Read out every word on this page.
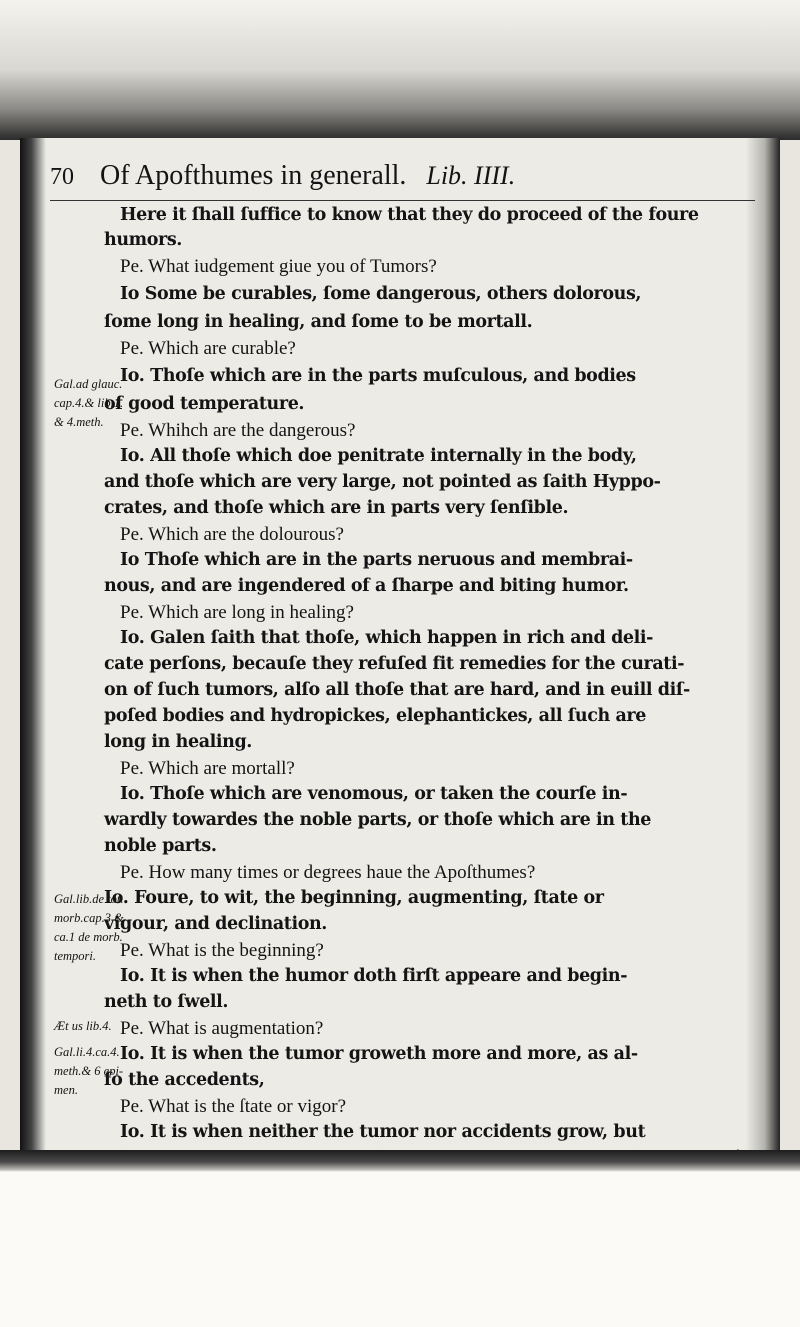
70 Of Apofthumes in generall. Lib. IIII.
Here it ſhall ſuffice to know that they do proceed of the foure
humors.
Pe. What iudgement giue you of Tumors?
Io Some be curables, ſome dangerous, others dolorous,
ſome long in healing, and ſome to be mortall.
Pe. Which are curable?
Io. Thoſe which are in the parts muſculous, and bodies
of good temperature.
Pe. Whihch are the dangerous?
Io. All thoſe which doe penitrate internally in the body,
and thoſe which are very large, not pointed as ſaith Hyppo-
crates, and thoſe which are in parts very ſenſible.
Pe. Which are the dolourous?
Io Thoſe which are in the parts neruous and membrai-
nous, and are ingendered of a ſharpe and biting humor.
Pe. Which are long in healing?
Io. Galen ſaith that thoſe, which happen in rich and deli-
cate perſons, becauſe they refuſed fit remedies for the curati-
on of ſuch tumors, alſo all thoſe that are hard, and in euill diſ-
poſed bodies and hydropickes, elephantickes, all ſuch are
long in healing.
Pe. Which are mortall?
Io. Thoſe which are venomous, or taken the courſe in-
wardly towardes the noble parts, or thoſe which are in the
noble parts.
Pe. How many times or degrees haue the Apoſthumes?
Io. Foure, to wit, the beginning, augmenting, ſtate or
vigour, and declination.
Pe. What is the beginning?
Io. It is when the humor doth firſt appeare and begin-
neth to ſwell.
Pe. What is augmentation?
Io. It is when the tumor groweth more and more, as al-
ſo the accedents,
Pe. What is the ſtate or vigor?
Io. It is when neither the tumor nor accidents grow, but
Gal.ad glauc.
cap.4.& lib.1.
& 4.meth.
Gal.lib.de tot.
morb.cap.3 &
ca.1 de morb.
tempori.
Æt us lib.4.
Gal.li.4.ca.4.
meth.& 6 epi-
men.
